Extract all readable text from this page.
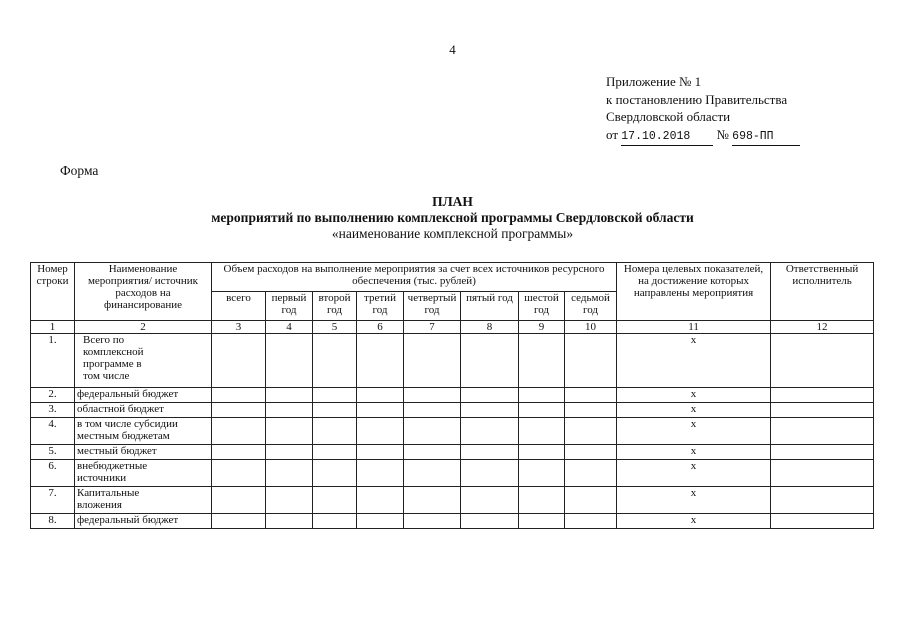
4
Приложение № 1
к постановлению Правительства
Свердловской области
от 17.10.2018 № 698-ПП
Форма
ПЛАН
мероприятий по выполнению комплексной программы Свердловской области
«наименование комплексной программы»
Номер строки	Наименование мероприятия/ источник расходов на финансирование	Объем расходов на выполнение мероприятия за счет всех источников ресурсного обеспечения (тыс. рублей)								Номера целевых показателей, на достижение которых направлены мероприятия	Ответственный исполнитель
		всего	первый год	второй год	третий год	четвертый год	пятый год	шестой год	седьмой год		
1	2	3	4	5	6	7	8	9	10	11	12
1.	Всего по комплексной программе в том числе									x	
2.	федеральный бюджет									x	
3.	областной бюджет									x	
4.	в том числе субсидии местным бюджетам									x	
5.	местный бюджет									x	
6.	внебюджетные источники									x	
7.	Капитальные вложения									x	
8.	федеральный бюджет									x	
